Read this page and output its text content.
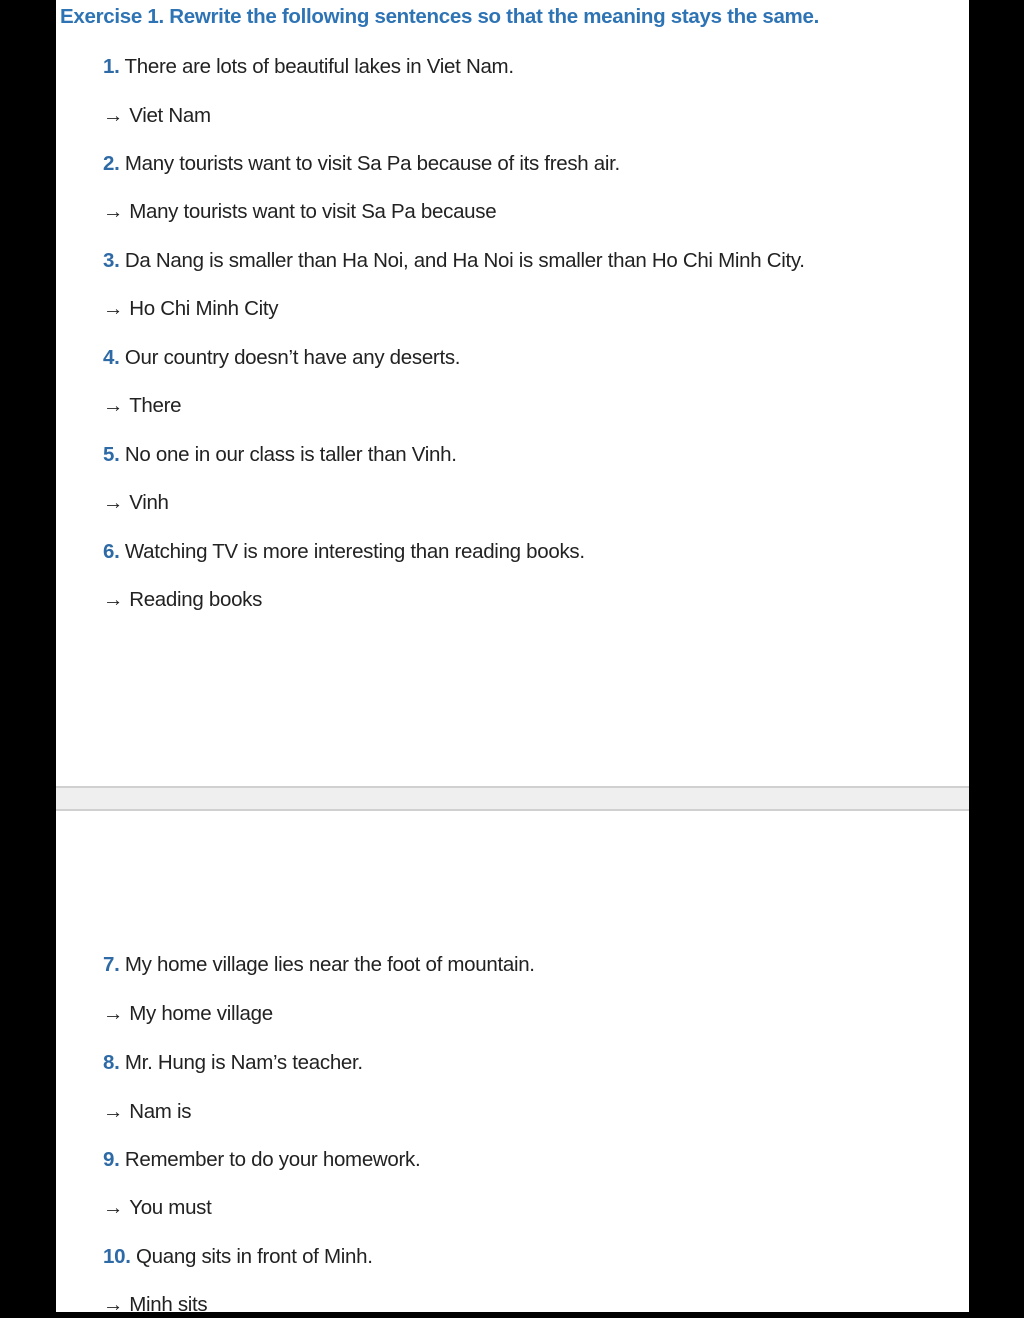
Exercise 1. Rewrite the following sentences so that the meaning stays the same.
1. There are lots of beautiful lakes in Viet Nam.
→ Viet Nam
2. Many tourists want to visit Sa Pa because of its fresh air.
→ Many tourists want to visit Sa Pa because
3. Da Nang is smaller than Ha Noi, and Ha Noi is smaller than Ho Chi Minh City.
→ Ho Chi Minh City
4. Our country doesn’t have any deserts.
→ There
5. No one in our class is taller than Vinh.
→ Vinh
6. Watching TV is more interesting than reading books.
→ Reading books
7. My home village lies near the foot of mountain.
→ My home village
8. Mr. Hung is Nam’s teacher.
→ Nam is
9. Remember to do your homework.
→ You must
10. Quang sits in front of Minh.
→ Minh sits
